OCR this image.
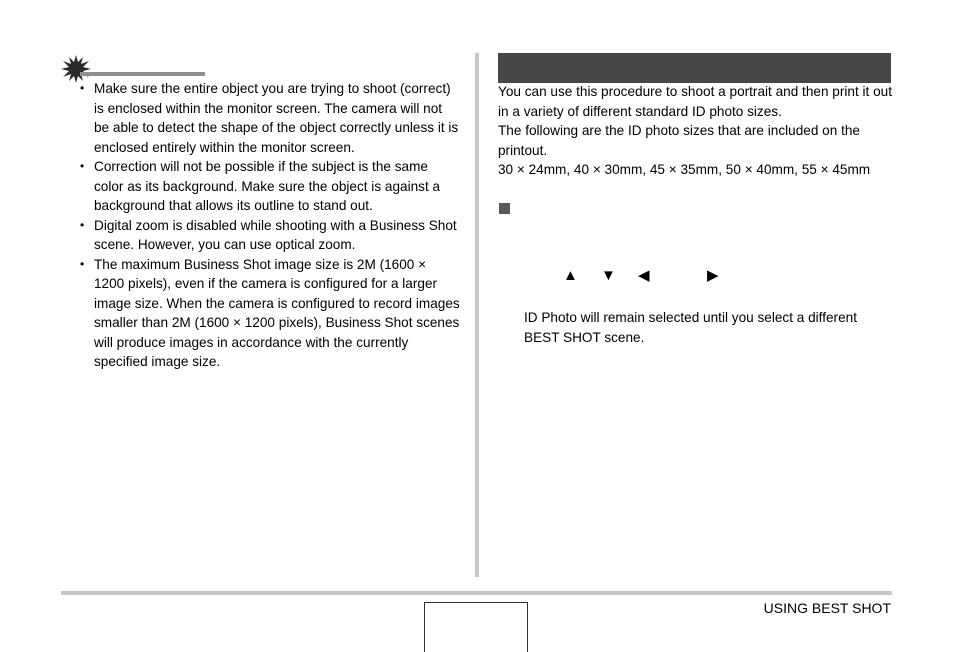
• Make sure the entire object you are trying to shoot (correct) is enclosed within the monitor screen. The camera will not be able to detect the shape of the object correctly unless it is enclosed entirely within the monitor screen.
• Correction will not be possible if the subject is the same color as its background. Make sure the object is against a background that allows its outline to stand out.
• Digital zoom is disabled while shooting with a Business Shot scene. However, you can use optical zoom.
• The maximum Business Shot image size is 2M (1600 × 1200 pixels), even if the camera is configured for a larger image size. When the camera is configured to record images smaller than 2M (1600 × 1200 pixels), Business Shot scenes will produce images in accordance with the currently specified image size.

You can use this procedure to shoot a portrait and then print it out in a variety of different standard ID photo sizes.

The following are the ID photo sizes that are included on the printout.

30 × 24mm, 40 × 30mm, 45 × 35mm, 50 × 40mm, 55 × 45mm

▲ ▼ ◀	▶
ID Photo will remain selected until you select a different BEST SHOT scene.
USING BEST SHOT
